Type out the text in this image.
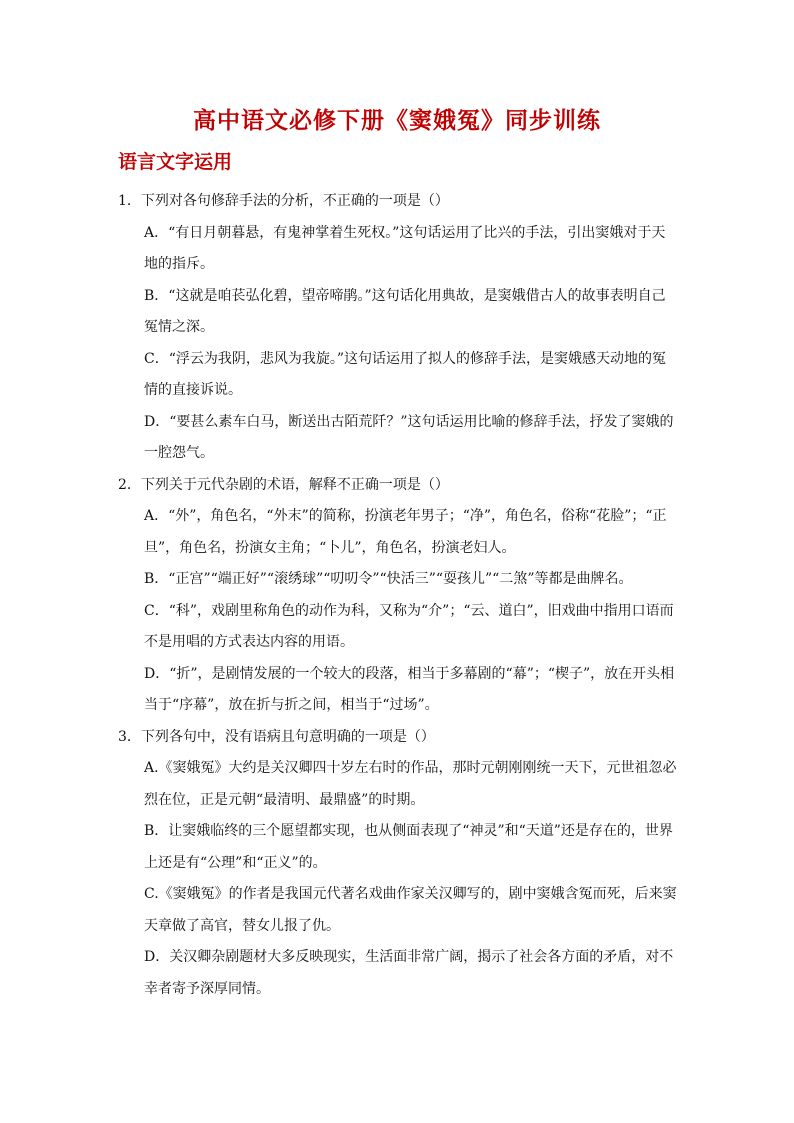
高中语文必修下册《窦娥冤》同步训练
语言文字运用
1．下列对各句修辞手法的分析，不正确的一项是（）
A．“有日月朝暮悬，有鬼神掌着生死权。”这句话运用了比兴的手法，引出窦娥对于天地的指斥。
B．“这就是咱苌弘化碧，望帝啼鹃。”这句话化用典故，是窦娥借古人的故事表明自己冤情之深。
C．“浮云为我阴，悲风为我旋。”这句话运用了拟人的修辞手法，是窦娥感天动地的冤情的直接诉说。
D．“要甚么素车白马，断送出古陌荒阡？”这句话运用比喻的修辞手法，抒发了窦娥的一腔怨气。
2．下列关于元代杂剧的术语，解释不正确一项是（）
A．“外”，角色名，“外末”的简称，扮演老年男子；“净”，角色名，俗称“花脸”；“正旦”，角色名，扮演女主角；“卜儿”，角色名，扮演老妇人。
B．“正宫”“端正好”“滚绣球”“叨叨令”“快活三”“耍孩儿”“二煞”等都是曲牌名。
C．“科”，戏剧里称角色的动作为科，又称为“介”；“云、道白”，旧戏曲中指用口语而不是用唱的方式表达内容的用语。
D．“折”，是剧情发展的一个较大的段落，相当于多幕剧的“幕”；“楔子”，放在开头相当于“序幕”，放在折与折之间，相当于“过场”。
3．下列各句中，没有语病且句意明确的一项是（）
A.《窦娥冤》大约是关汉卿四十岁左右时的作品，那时元朝刚刚统一天下，元世祖忽必烈在位，正是元朝“最清明、最鼎盛”的时期。
B．让窦娥临终的三个愿望都实现，也从侧面表现了“神灵”和“天道”还是存在的，世界上还是有“公理”和“正义”的。
C.《窦娥冤》的作者是我国元代著名戏曲作家关汉卿写的，剧中窦娥含冤而死，后来窦天章做了高官，替女儿报了仇。
D．关汉卿杂剧题材大多反映现实，生活面非常广阔，揭示了社会各方面的矛盾，对不幸者寄予深厚同情。
